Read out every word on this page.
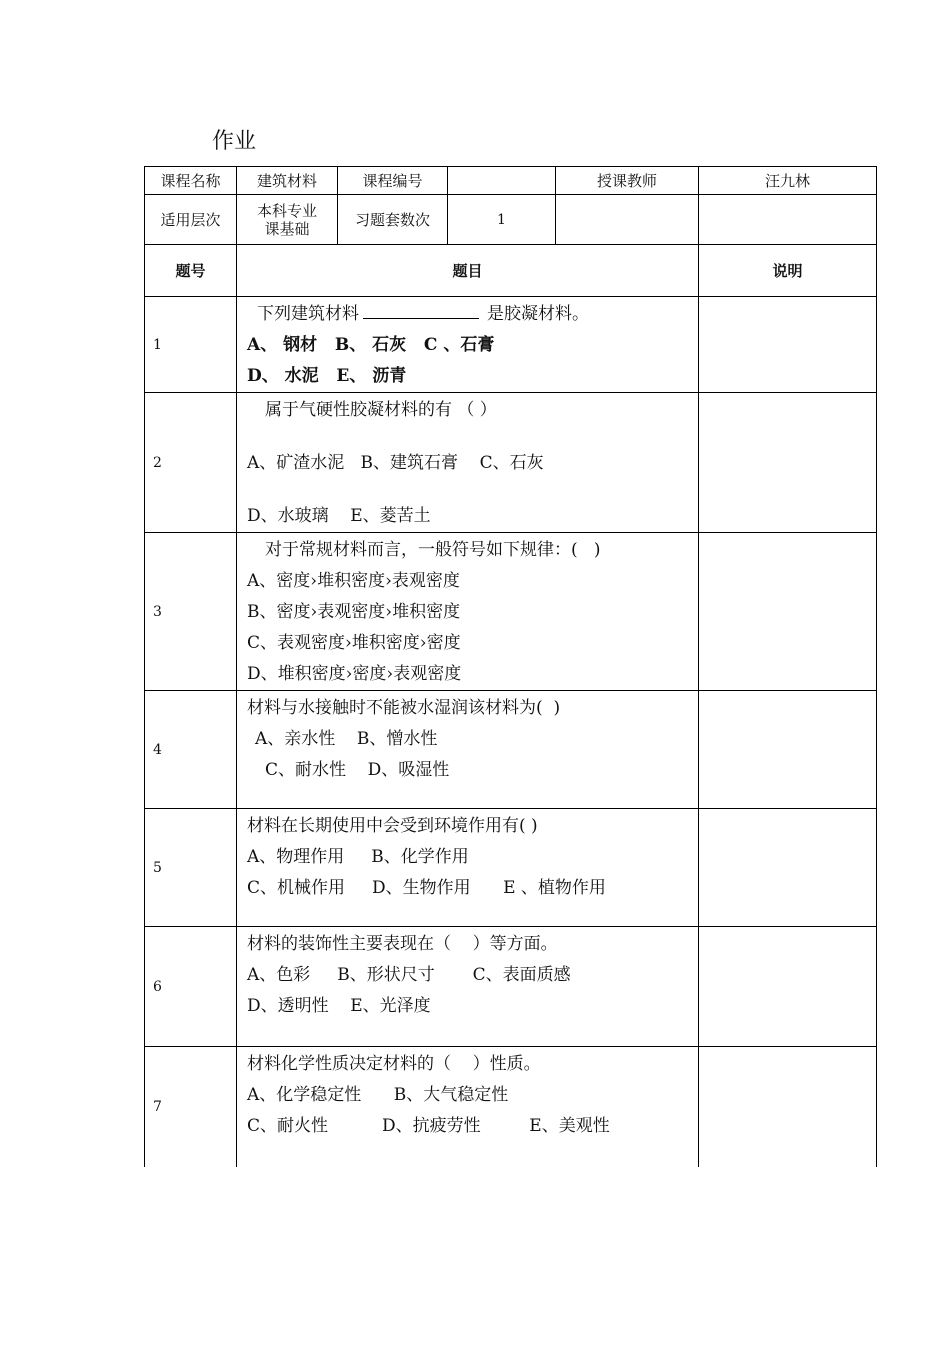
作业
课程名称	建筑材料	课程编号		授课教师	汪九林
适用层次	本科专业课基础	习题套数次	1		
题号	题目				说明
1	下列建筑材料 是胶凝材料。
A、 钢材   B、 石灰   C 、石膏
D、 水泥   E、 沥青				

2	属于气硬性胶凝材料的有 （ ）
A、矿渣水泥   B、建筑石膏    C、石灰
D、水玻璃    E、菱苦土				

3	对于常规材料而言，一般符号如下规律：(   )
A、密度›堆积密度›表观密度
B、密度›表观密度›堆积密度
C、表观密度›堆积密度›密度
D、堆积密度›密度›表观密度				

4	材料与水接触时不能被水湿润该材料为(  )
A、亲水性    B、憎水性
C、耐水性    D、吸湿性				

5	材料在长期使用中会受到环境作用有( )
A、物理作用     B、化学作用
C、机械作用     D、生物作用      E 、植物作用				

6	材料的装饰性主要表现在（    ）等方面。
A、色彩     B、形状尺寸       C、表面质感
D、透明性    E、光泽度				

7	材料化学性质决定材料的（    ）性质。
A、化学稳定性      B、大气稳定性
C、耐火性          D、抗疲劳性         E、美观性				
